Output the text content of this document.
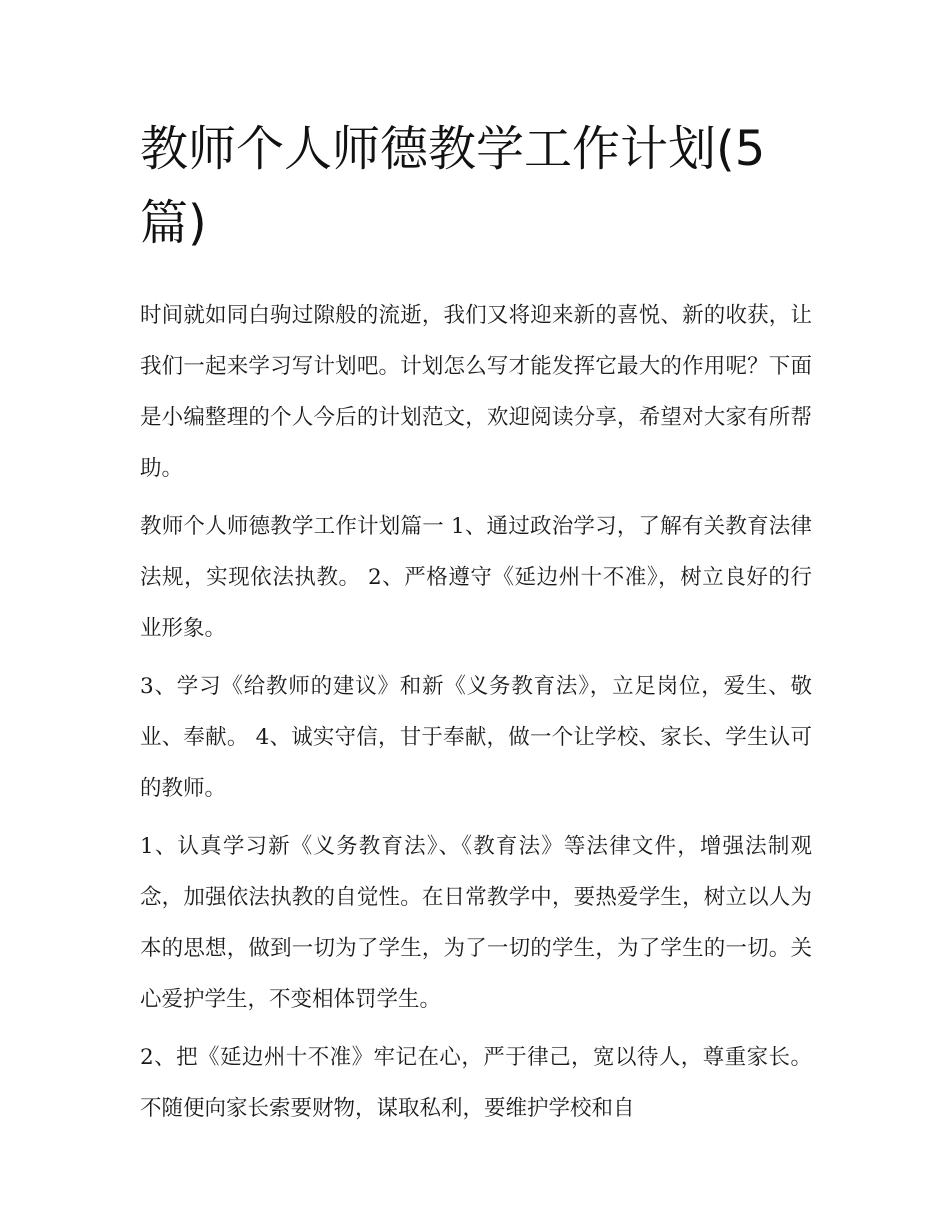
教师个人师德教学工作计划(5篇)

时间就如同白驹过隙般的流逝，我们又将迎来新的喜悦、新的收获，让我们一起来学习写计划吧。计划怎么写才能发挥它最大的作用呢？下面是小编整理的个人今后的计划范文，欢迎阅读分享，希望对大家有所帮助。

教师个人师德教学工作计划篇一 1、通过政治学习，了解有关教育法律法规，实现依法执教。 2、严格遵守《延边州十不准》，树立良好的行业形象。

3、学习《给教师的建议》和新《义务教育法》，立足岗位，爱生、敬业、奉献。 4、诚实守信，甘于奉献，做一个让学校、家长、学生认可的教师。

1、认真学习新《义务教育法》、《教育法》等法律文件，增强法制观念，加强依法执教的自觉性。在日常教学中，要热爱学生，树立以人为本的思想，做到一切为了学生，为了一切的学生，为了学生的一切。关心爱护学生，不变相体罚学生。

2、把《延边州十不准》牢记在心，严于律己，宽以待人，尊重家长。不随便向家长索要财物，谋取私利，要维护学校和自
